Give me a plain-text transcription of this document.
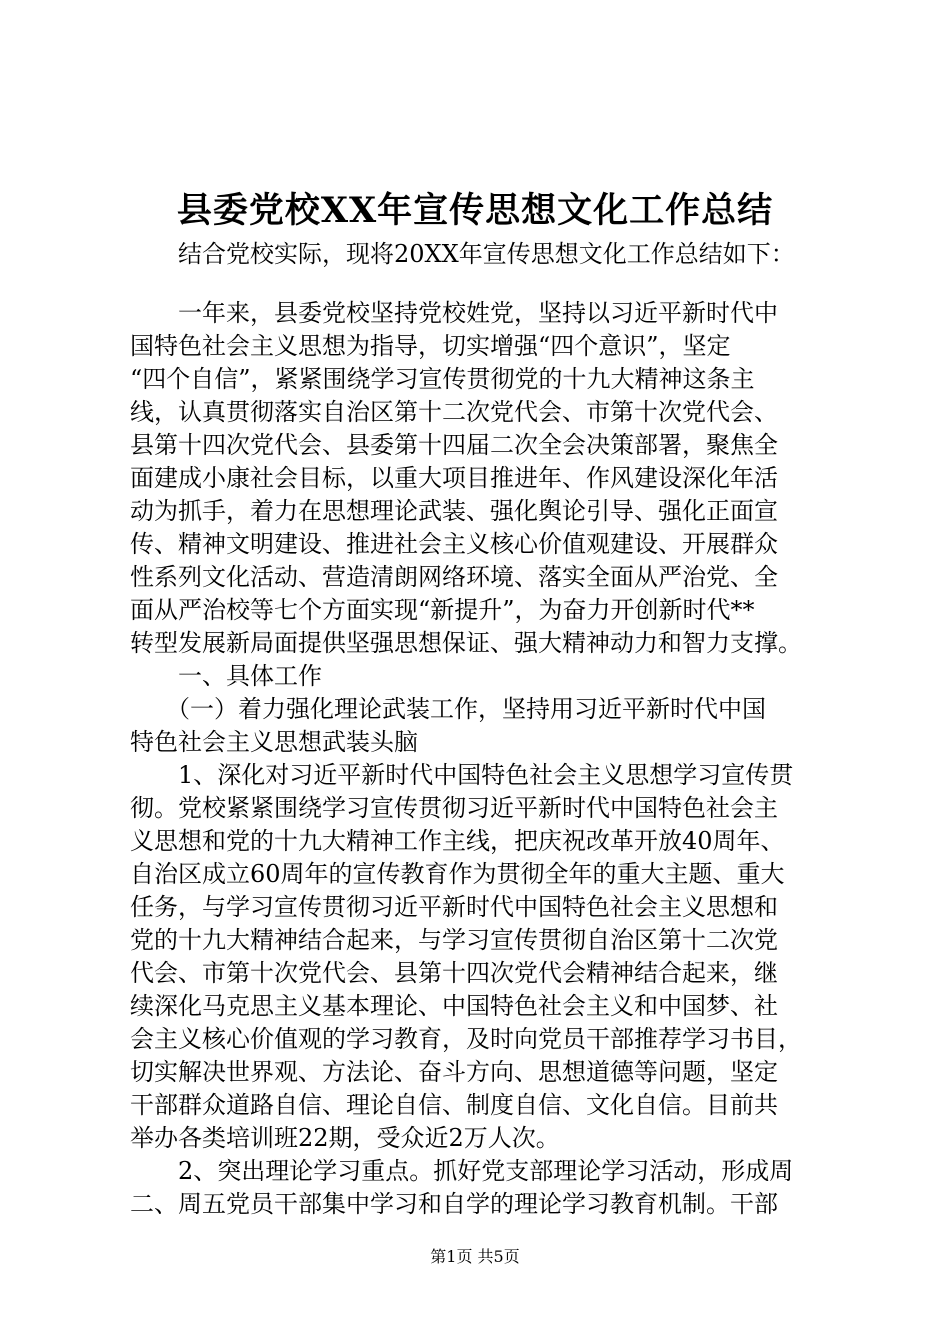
县委党校XX年宣传思想文化工作总结
　　结合党校实际，现将20XX年宣传思想文化工作总结如下：
　　一年来，县委党校坚持党校姓党，坚持以习近平新时代中
国特色社会主义思想为指导，切实增强“四个意识”，坚定
“四个自信”，紧紧围绕学习宣传贯彻党的十九大精神这条主
线，认真贯彻落实自治区第十二次党代会、市第十次党代会、
县第十四次党代会、县委第十四届二次全会决策部署，聚焦全
面建成小康社会目标，以重大项目推进年、作风建设深化年活
动为抓手，着力在思想理论武装、强化舆论引导、强化正面宣
传、精神文明建设、推进社会主义核心价值观建设、开展群众
性系列文化活动、营造清朗网络环境、落实全面从严治党、全
面从严治校等七个方面实现“新提升”，为奋力开创新时代**
转型发展新局面提供坚强思想保证、强大精神动力和智力支撑。
　　一、具体工作
　　（一）着力强化理论武装工作，坚持用习近平新时代中国
特色社会主义思想武装头脑
　　1、深化对习近平新时代中国特色社会主义思想学习宣传贯
彻。党校紧紧围绕学习宣传贯彻习近平新时代中国特色社会主
义思想和党的十九大精神工作主线，把庆祝改革开放40周年、
自治区成立60周年的宣传教育作为贯彻全年的重大主题、重大
任务，与学习宣传贯彻习近平新时代中国特色社会主义思想和
党的十九大精神结合起来，与学习宣传贯彻自治区第十二次党
代会、市第十次党代会、县第十四次党代会精神结合起来，继
续深化马克思主义基本理论、中国特色社会主义和中国梦、社
会主义核心价值观的学习教育，及时向党员干部推荐学习书目，
切实解决世界观、方法论、奋斗方向、思想道德等问题，坚定
干部群众道路自信、理论自信、制度自信、文化自信。目前共
举办各类培训班22期，受众近2万人次。
　　2、突出理论学习重点。抓好党支部理论学习活动，形成周
二、周五党员干部集中学习和自学的理论学习教育机制。干部
第1页 共5页
